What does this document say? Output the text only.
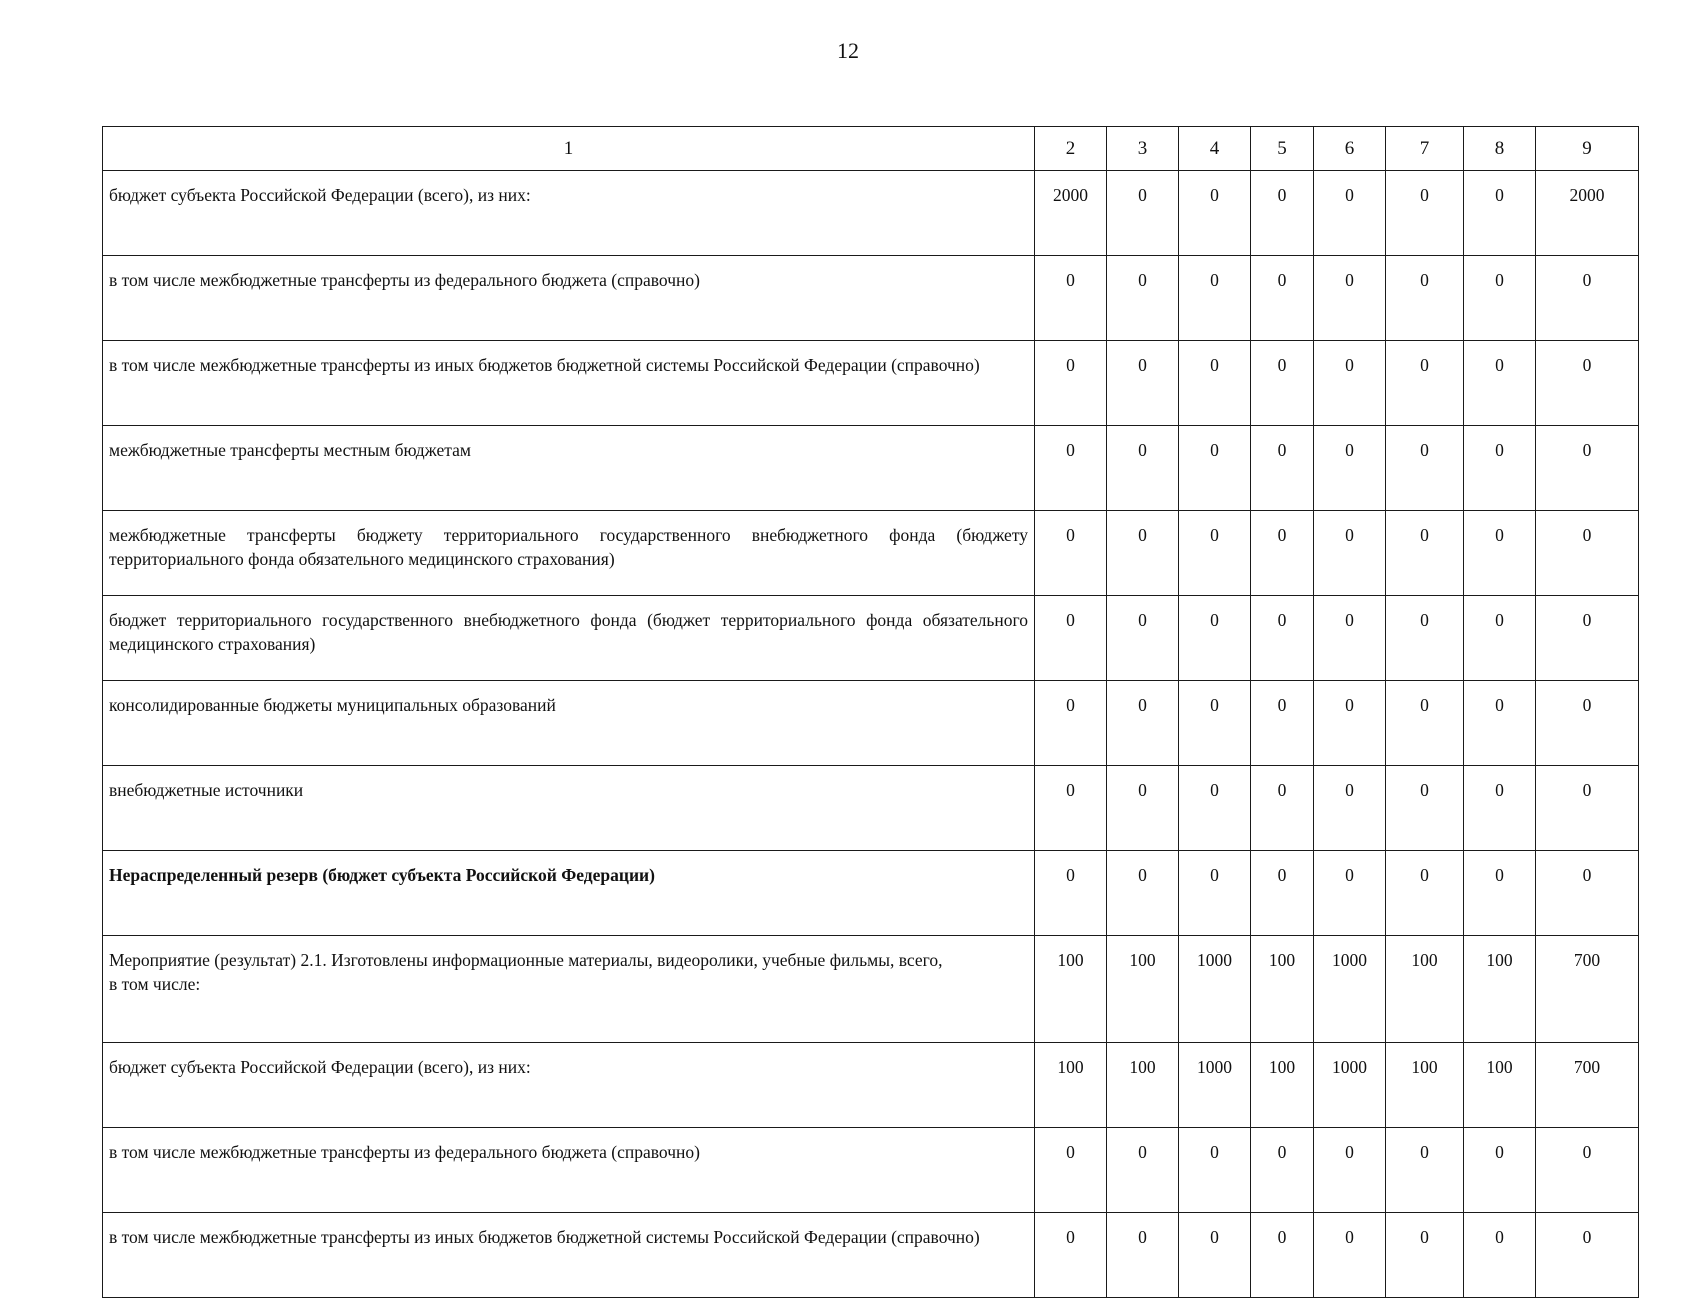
12
1	2	3	4	5	6	7	8	9
бюджет субъекта Российской Федерации (всего), из них:	2000	0	0	0	0	0	0	2000
в том числе межбюджетные трансферты из федерального бюджета (справочно)	0	0	0	0	0	0	0	0
в том числе межбюджетные трансферты из иных бюджетов бюджетной системы Российской Федерации (справочно)	0	0	0	0	0	0	0	0
межбюджетные трансферты местным бюджетам	0	0	0	0	0	0	0	0
межбюджетные трансферты бюджету территориального государственного внебюджетного фонда (бюджету территориального фонда обязательного медицинского страхования)	0	0	0	0	0	0	0	0
бюджет территориального государственного внебюджетного фонда (бюджет территориального фонда обязательного медицинского страхования)	0	0	0	0	0	0	0	0
консолидированные бюджеты муниципальных образований	0	0	0	0	0	0	0	0
внебюджетные источники	0	0	0	0	0	0	0	0
Нераспределенный резерв (бюджет субъекта Российской Федерации)	0	0	0	0	0	0	0	0
Мероприятие (результат) 2.1. Изготовлены информационные материалы, видеоролики, учебные фильмы, всего,
в том числе:	100	100	1000	100	1000	100	100	700
бюджет субъекта Российской Федерации (всего), из них:	100	100	1000	100	1000	100	100	700
в том числе межбюджетные трансферты из федерального бюджета (справочно)	0	0	0	0	0	0	0	0
в том числе межбюджетные трансферты из иных бюджетов бюджетной системы Российской Федерации (справочно)	0	0	0	0	0	0	0	0
